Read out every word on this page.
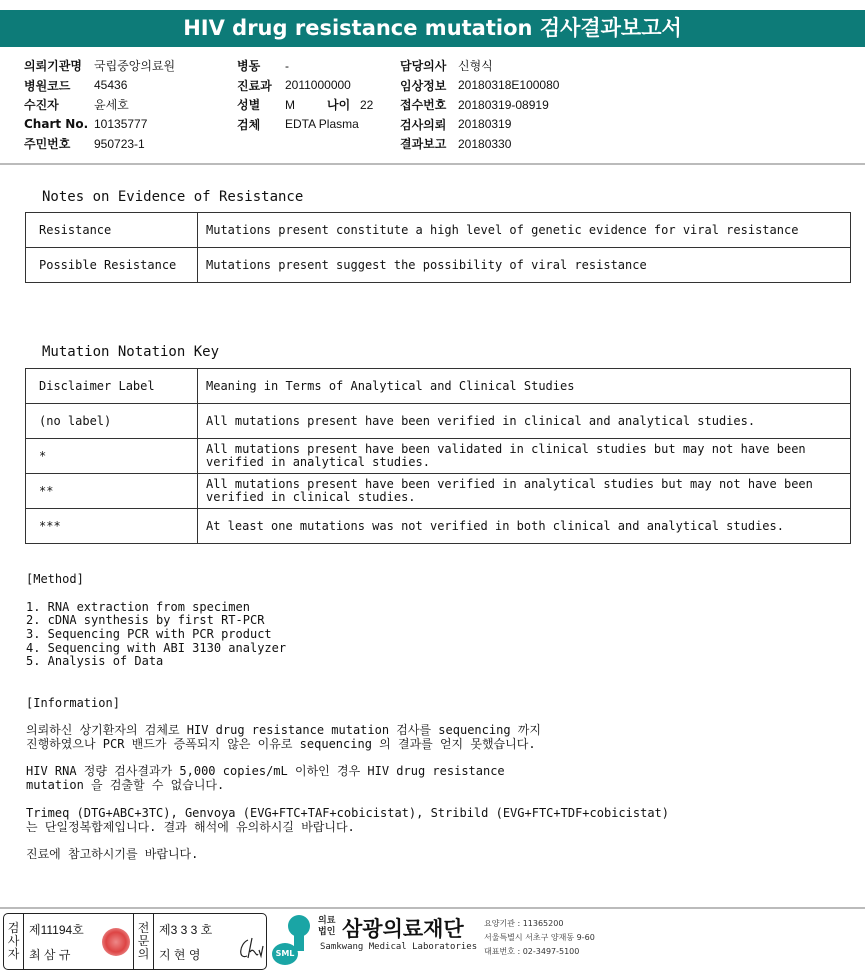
HIV drug resistance mutation 검사결과보고서
의뢰기관명	국립중앙의료원
병원코드	45436
수진자	윤세호
Chart No. 10135777
주민번호	950723-1
병동	-
진료과	2011000000
성별	M	나이 22
검체	EDTA Plasma
담당의사 신형식
임상정보 20180318E100080
접수번호 20180319-08919
검사의뢰 20180319
결과보고 20180330
Notes on Evidence of Resistance
Resistance	Mutations present constitute a high level of genetic evidence for viral resistance
Possible Resistance	Mutations present suggest the possibility of viral resistance
Mutation Notation Key
Disclaimer Label	Meaning in Terms of Analytical and Clinical Studies
(no label)	All mutations present have been verified in clinical and analytical studies.
*	All mutations present have been validated in clinical studies but may not have been verified in analytical studies.
**	All mutations present have been verified in analytical studies but may not have been verified in clinical studies.
***	At least one mutations was not verified in both clinical and analytical studies.
[Method]
1. RNA extraction from specimen
2. cDNA synthesis by first RT-PCR
3. Sequencing PCR with PCR product
4. Sequencing with ABI 3130 analyzer
5. Analysis of Data
[Information]
의뢰하신 상기환자의 검체로 HIV drug resistance mutation 검사를 sequencing 까지
진행하였으나 PCR 밴드가 증폭되지 않은 이유로 sequencing 의 결과를 얻지 못했습니다.
HIV RNA 정량 검사결과가 5,000 copies/mL 이하인 경우 HIV drug resistance
mutation 을 검출할 수 없습니다.
Trimeq (DTG+ABC+3TC), Genvoya (EVG+FTC+TAF+cobicistat), Stribild (EVG+FTC+TDF+cobicistat)
는 단일정복합제입니다. 결과 해석에 유의하시길 바랍니다.
진료에 참고하시기를 바랍니다.
검사자
제11194호
최 삼 규
전문의
제3 3 3 호
지 현 영	SML
의료
법인 삼광의료재단
Samkwang Medical Laboratories
요양기관 : 11365200
서울특별시 서초구 양재동 9-60
대표번호 : 02-3497-5100
